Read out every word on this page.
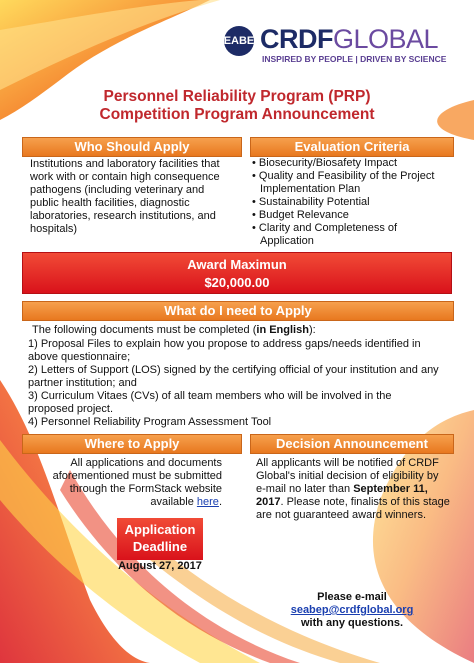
SEAΒΕP
CRDFGLOBAL
INSPIRED BY PEOPLE | DRIVEN BY SCIENCE
Personnel Reliability Program (PRP)
Competition Program Announcement
Who Should Apply
Institutions and laboratory facilities that work with or contain high consequence pathogens (including veterinary and public health facilities, diagnostic laboratories, research institutions, and hospitals)
Evaluation Criteria
• Biosecurity/Biosafety Impact
• Quality and Feasibility of the Project Implementation Plan
• Sustainability Potential
• Budget Relevance
• Clarity and Completeness of Application
Award Maximun
$20,000.00
What do I need to Apply
The following documents must be completed (in English):
1) Proposal Files to explain how you propose to address gaps/needs identified in above questionnaire;
2) Letters of Support (LOS) signed by the certifying official of your institution and any partner institution; and
3) Curriculum Vitaes (CVs) of all team members who will be involved in the proposed project.
4) Personnel Reliability Program Assessment Tool
Where to Apply
All applications and documents aforementioned must be submitted through the FormStack website available here.
Decision Announcement
All applicants will be notified of CRDF Global's initial decision of eligibility by e-mail no later than September 11, 2017. Please note, finalists of this stage are not guaranteed award winners.
Application
Deadline
August 27, 2017
Please e-mail
seabep@crdfglobal.org
with any questions.
